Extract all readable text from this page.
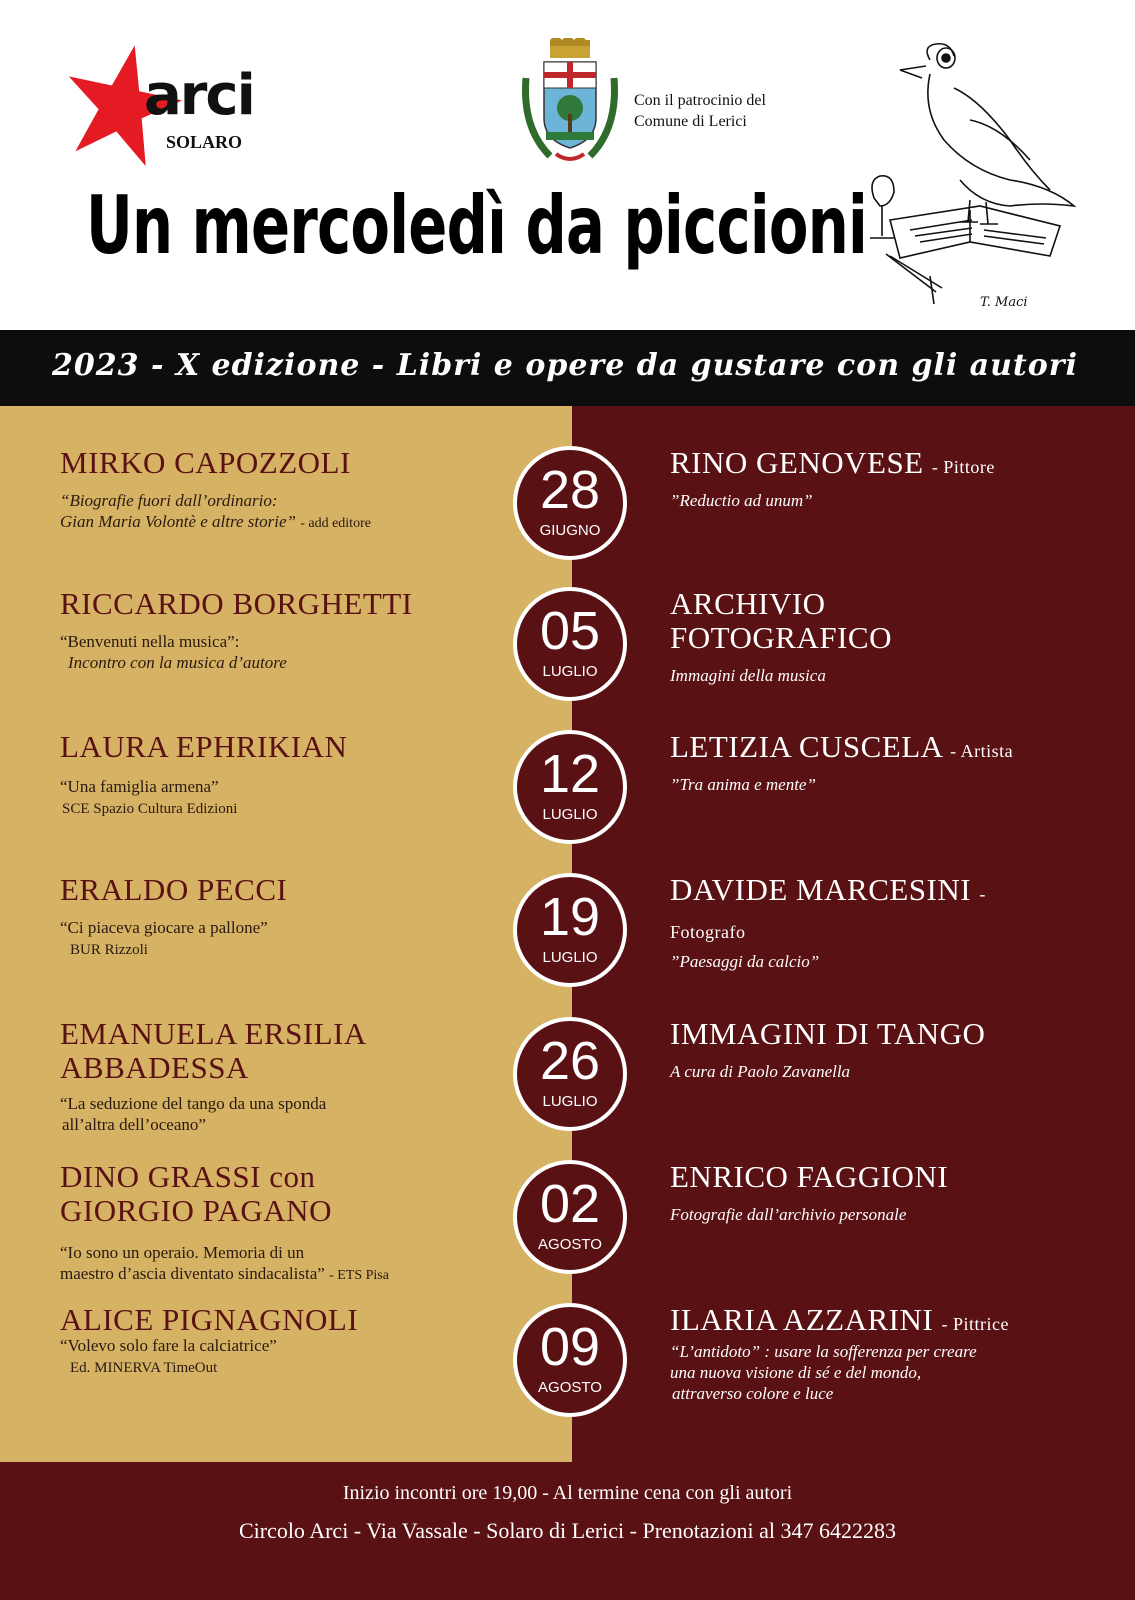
arci
SOLARO
Con il patrocinio del
Comune di Lerici
Un mercoledì da piccioni
T. Maci
2023 - X edizione - Libri e opere da gustare con gli autori
MIRKO CAPOZZOLI
“Biografie fuori dall’ordinario:
Gian Maria Volontè e altre storie” - add editore
28
GIUGNO
RINO GENOVESE - Pittore
”Reductio ad unum”
RICCARDO BORGHETTI
“Benvenuti nella musica”:
Incontro con la musica d’autore
05
LUGLIO
ARCHIVIO FOTOGRAFICO
Immagini della musica
LAURA EPHRIKIAN
“Una famiglia armena”
SCE Spazio Cultura Edizioni
12
LUGLIO
LETIZIA CUSCELA - Artista
”Tra anima e mente”
ERALDO PECCI
“Ci piaceva giocare a pallone”
BUR Rizzoli
19
LUGLIO
DAVIDE MARCESINI - Fotografo
”Paesaggi da calcio”
EMANUELA ERSILIA ABBADESSA
“La seduzione del tango da una sponda
all’altra dell’oceano”
26
LUGLIO
IMMAGINI DI TANGO
A cura di Paolo Zavanella
DINO GRASSI con GIORGIO PAGANO
“Io sono un operaio. Memoria di un
maestro d’ascia diventato sindacalista” - ETS Pisa
02
AGOSTO
ENRICO FAGGIONI
Fotografie dall’archivio personale
ALICE PIGNAGNOLI
“Volevo solo fare la calciatrice”
Ed. MINERVA TimeOut	09
AGOSTO
ILARIA AZZARINI - Pittrice
“L’antidoto” : usare la sofferenza per creare
una nuova visione di sé e del mondo,
attraverso colore e luce
Inizio incontri ore 19,00 - Al termine cena con gli autori
Circolo Arci - Via Vassale - Solaro di Lerici - Prenotazioni al 347 6422283
